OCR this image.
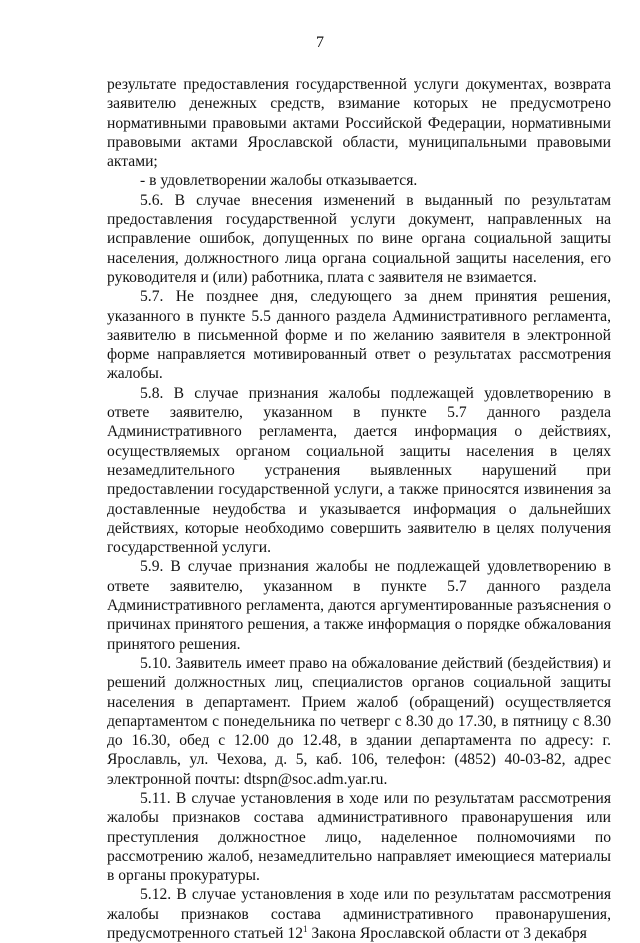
7

результате предоставления государственной услуги документах, возврата заявителю денежных средств, взимание которых не предусмотрено нормативными правовыми актами Российской Федерации, нормативными правовыми актами Ярославской области, муниципальными правовыми актами;

- в удовлетворении жалобы отказывается.

5.6. В случае внесения изменений в выданный по результатам предоставления государственной услуги документ, направленных на исправление ошибок, допущенных по вине органа социальной защиты населения, должностного лица органа социальной защиты населения, его руководителя и (или) работника, плата с заявителя не взимается.

5.7. Не позднее дня, следующего за днем принятия решения, указанного в пункте 5.5 данного раздела Административного регламента, заявителю в письменной форме и по желанию заявителя в электронной форме направляется мотивированный ответ о результатах рассмотрения жалобы.

5.8. В случае признания жалобы подлежащей удовлетворению в ответе заявителю, указанном в пункте 5.7 данного раздела Административного регламента, дается информация о действиях, осуществляемых органом социальной защиты населения в целях незамедлительного устранения выявленных нарушений при предоставлении государственной услуги, а также приносятся извинения за доставленные неудобства и указывается информация о дальнейших действиях, которые необходимо совершить заявителю в целях получения государственной услуги.

5.9. В случае признания жалобы не подлежащей удовлетворению в ответе заявителю, указанном в пункте 5.7 данного раздела Административного регламента, даются аргументированные разъяснения о причинах принятого решения, а также информация о порядке обжалования принятого решения.

5.10. Заявитель имеет право на обжалование действий (бездействия) и решений должностных лиц, специалистов органов социальной защиты населения в департамент. Прием жалоб (обращений) осуществляется департаментом с понедельника по четверг с 8.30 до 17.30, в пятницу с 8.30 до 16.30, обед с 12.00 до 12.48, в здании департамента по адресу: г. Ярославль, ул. Чехова, д. 5, каб. 106, телефон: (4852) 40-03-82, адрес электронной почты: dtspn@soc.adm.yar.ru.

5.11. В случае установления в ходе или по результатам рассмотрения жалобы признаков состава административного правонарушения или преступления должностное лицо, наделенное полномочиями по рассмотрению жалоб, незамедлительно направляет имеющиеся материалы в органы прокуратуры.

5.12. В случае установления в ходе или по результатам рассмотрения жалобы признаков состава административного правонарушения, предусмотренного статьей $12^1$ Закона Ярославской области от 3 декабря
